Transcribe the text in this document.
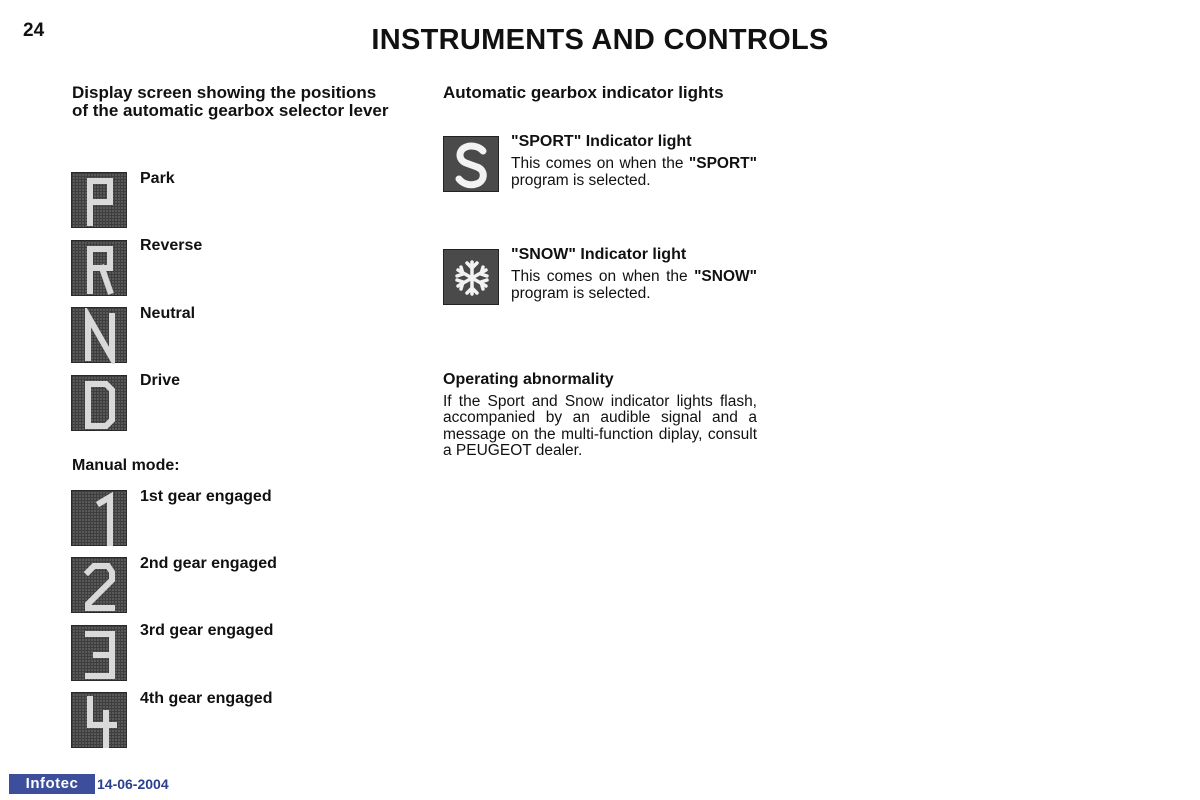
24	INSTRUMENTS AND CONTROLS
Display screen showing the positions of the automatic gearbox selector lever
Park
Reverse
Neutral
Drive
Manual mode:
1st gear engaged
2nd gear engaged
3rd gear engaged
4th gear engaged
Automatic gearbox indicator lights
"SPORT" Indicator light
This comes on when the "SPORT" program is selected.
"SNOW" Indicator light
This comes on when the "SNOW" program is selected.
Operating abnormality
If the Sport and Snow indicator lights flash, accompanied by an audible signal and a message on the multi-function diplay, consult a PEUGEOT dealer.
Infotec	14-06-2004
